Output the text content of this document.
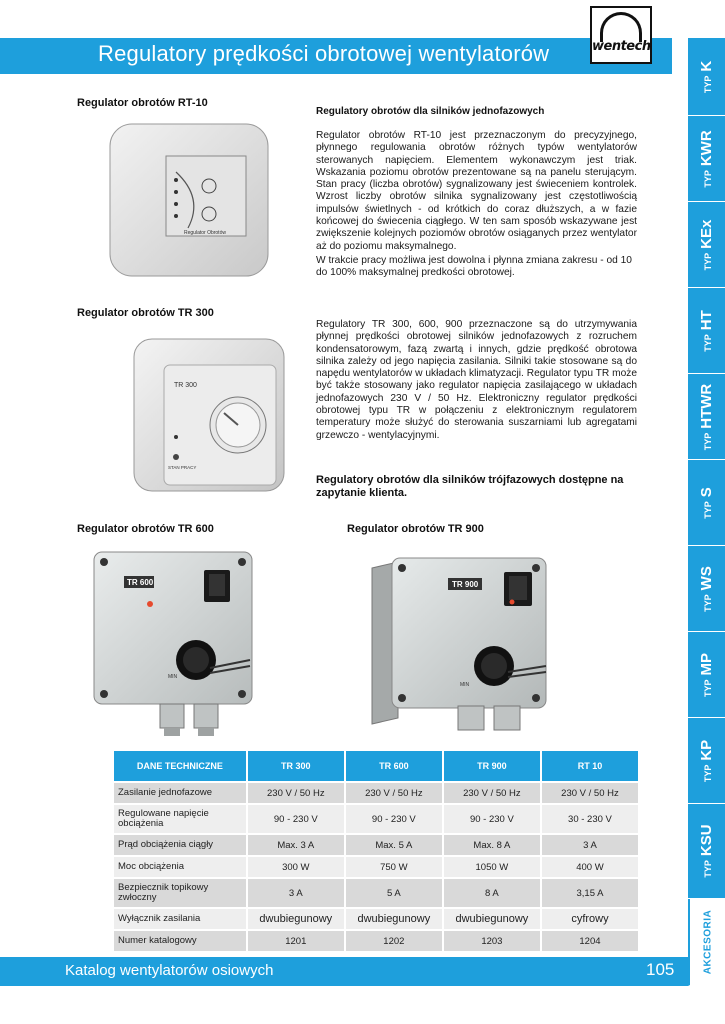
Regulatory prędkości obrotowej wentylatorów	wentech
TYPK
TYPKWR
TYPKEx
TYPHT
TYPHTWR
TYPS
TYPWS
TYPMP
TYPKP
TYPKSU
AKCESORIA
Regulator obrotów RT-10
Regulatory obrotów dla silników jednofazowych
Regulator obrotów RT-10 jest przeznaczonym do precyzyjnego, płynnego regulowania obrotów różnych typów wentylatorów sterowanych napięciem. Elementem wykonawczym jest triak. Wskazania poziomu obrotów prezentowane są na panelu sterującym. Stan pracy (liczba obrotów) sygnalizowany jest świeceniem kontrolek. Wzrost liczby obrotów silnika sygnalizowany jest częstotliwością impulsów świetlnych - od krótkich do coraz dłuższych, a w fazie końcowej do świecenia ciągłego. W ten sam sposób wskazywane jest zwiększenie kolejnych poziomów obrotów osiąganych przez wentylator aż do poziomu maksymalnego.
W trakcie pracy możliwa jest dowolna i płynna zmiana zakresu - od 10 do 100% maksymalnej predkości obrotowej.
Regulator Obrotów
Regulator obrotów TR 300
Regulatory TR 300, 600, 900 przeznaczone są do utrzymywania płynnej prędkości obrotowej silników jednofazowych z rozruchem kondensatorowym, fazą zwartą i innych, gdzie prędkość obrotowa silnika zależy od jego napięcia zasilania. Silniki takie stosowane są do napędu wentylatorów w układach klimatyzacji. Regulator typu TR może być także stosowany jako regulator napięcia zasilającego w układach jednofazowych 230 V / 50 Hz. Elektroniczny regulator prędkości obrotowej typu TR w połączeniu z elektronicznym regulatorem temperatury może służyć do sterowania suszarniami lub agregatami grzewczo - wentylacyjnymi.
Regulatory obrotów dla silników trójfazowych dostępne na zapytanie klienta.
TR 300
STAN PRACY
Regulator obrotów TR 600	Regulator obrotów TR 900
TR 600
MIN
TR 900
MIN
DANE TECHNICZNE	TR 300	TR 600	TR 900	RT 10
Zasilanie jednofazowe	230 V / 50 Hz	230 V / 50 Hz	230 V / 50 Hz	230 V / 50 Hz
Regulowane napięcie obciążenia	90 - 230 V	90 - 230 V	90 - 230 V	30 - 230 V
Prąd obciążenia ciągły	Max. 3 A	Max. 5 A	Max. 8 A	3 A
Moc obciążenia	300 W	750 W	1050 W	400 W
Bezpiecznik topikowy zwłoczny	3 A	5 A	8 A	3,15 A
Wyłącznik zasilania	dwubiegunowy	dwubiegunowy	dwubiegunowy	cyfrowy
Numer katalogowy	1201	1202	1203	1204
Katalog wentylatorów osiowych	105
